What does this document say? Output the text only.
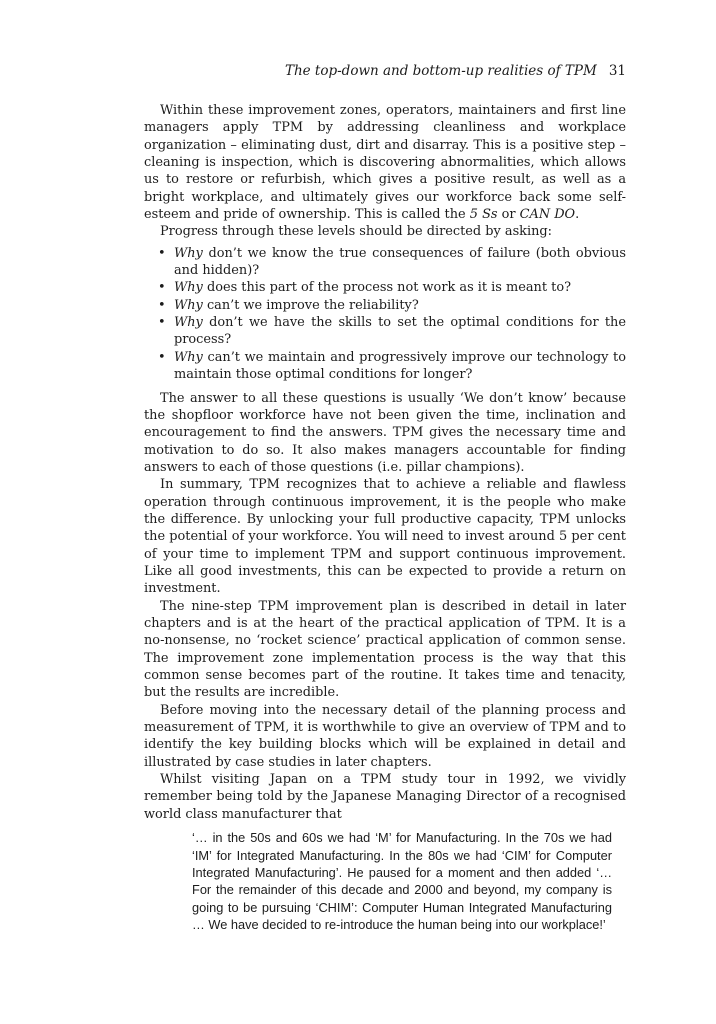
The top-down and bottom-up realities of TPM 31

Within these improvement zones, operators, maintainers and first line managers apply TPM by addressing cleanliness and workplace organization – eliminating dust, dirt and disarray. This is a positive step – cleaning is inspection, which is discovering abnormalities, which allows us to restore or refurbish, which gives a positive result, as well as a bright workplace, and ultimately gives our workforce back some self-esteem and pride of ownership. This is called the 5 Ss or CAN DO.

Progress through these levels should be directed by asking:

• Why don’t we know the true consequences of failure (both obvious and hidden)?
• Why does this part of the process not work as it is meant to?
• Why can’t we improve the reliability?
• Why don’t we have the skills to set the optimal conditions for the process?
• Why can’t we maintain and progressively improve our technology to maintain those optimal conditions for longer?

The answer to all these questions is usually ‘We don’t know’ because the shopfloor workforce have not been given the time, inclination and encouragement to find the answers. TPM gives the necessary time and motivation to do so. It also makes managers accountable for finding answers to each of those questions (i.e. pillar champions).

In summary, TPM recognizes that to achieve a reliable and flawless operation through continuous improvement, it is the people who make the difference. By unlocking your full productive capacity, TPM unlocks the potential of your workforce. You will need to invest around 5 per cent of your time to implement TPM and support continuous improvement. Like all good investments, this can be expected to provide a return on investment.

The nine-step TPM improvement plan is described in detail in later chapters and is at the heart of the practical application of TPM. It is a no-nonsense, no ‘rocket science’ practical application of common sense. The improvement zone implementation process is the way that this common sense becomes part of the routine. It takes time and tenacity, but the results are incredible.

Before moving into the necessary detail of the planning process and measurement of TPM, it is worthwhile to give an overview of TPM and to identify the key building blocks which will be explained in detail and illustrated by case studies in later chapters.

Whilst visiting Japan on a TPM study tour in 1992, we vividly remember being told by the Japanese Managing Director of a recognised world class manufacturer that

‘… in the 50s and 60s we had ‘M’ for Manufacturing. In the 70s we had ‘IM’ for Integrated Manufacturing. In the 80s we had ‘CIM’ for Computer Integrated Manufacturing’. He paused for a moment and then added ‘…For the remainder of this decade and 2000 and beyond, my company is going to be pursuing ‘CHIM’: Computer Human Integrated Manufacturing … We have decided to re-introduce the human being into our workplace!’
